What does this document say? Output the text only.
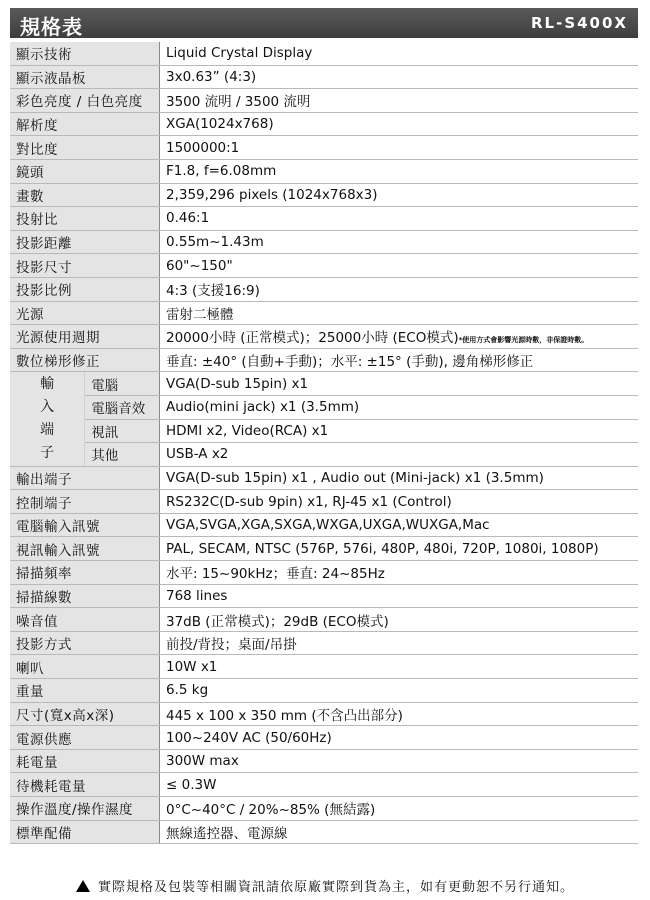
規格表	RL-S400X
顯示技術		Liquid Crystal Display
顯示液晶板		3x0.63” (4:3)
彩色亮度 / 白色亮度		3500 流明 / 3500 流明
解析度		XGA(1024x768)
對比度		1500000:1
鏡頭		F1.8, f=6.08mm
畫數		2,359,296 pixels (1024x768x3)
投射比		0.46:1
投影距離		0.55m~1.43m
投影尺寸		60"~150"
投影比例		4:3 (支援16:9)
光源		雷射二極體
光源使用週期		20000小時 (正常模式)；25000小時 (ECO模式)*使用方式會影響光源時數，非保證時數。
數位梯形修正		垂直: ±40° (自動+手動)；水平: ±15° (手動), 邊角梯形修正

輸
入
端
子	電腦	VGA(D-sub 15pin) x1
	電腦音效	Audio(mini jack) x1 (3.5mm)
	視訊	HDMI x2, Video(RCA) x1
	其他	USB-A x2
輸出端子		VGA(D-sub 15pin) x1 , Audio out (Mini-jack) x1 (3.5mm)
控制端子		RS232C(D-sub 9pin) x1, RJ-45 x1 (Control)
電腦輸入訊號		VGA,SVGA,XGA,SXGA,WXGA,UXGA,WUXGA,Mac
視訊輸入訊號		PAL, SECAM, NTSC (576P, 576i, 480P, 480i, 720P, 1080i, 1080P)
掃描頻率		水平: 15~90kHz；垂直: 24~85Hz
掃描線數		768 lines
噪音值		37dB (正常模式)；29dB (ECO模式)
投影方式		前投/背投；桌面/吊掛
喇叭		10W x1
重量		6.5 kg
尺寸(寬x高x深)		445 x 100 x 350 mm (不含凸出部分)
電源供應		100~240V AC (50/60Hz)
耗電量		300W max
待機耗電量		≤ 0.3W
操作溫度/操作濕度		0°C~40°C / 20%~85% (無結露)
標準配備		無線遙控器、電源線
實際規格及包裝等相關資訊請依原廠實際到貨為主，如有更動恕不另行通知。
